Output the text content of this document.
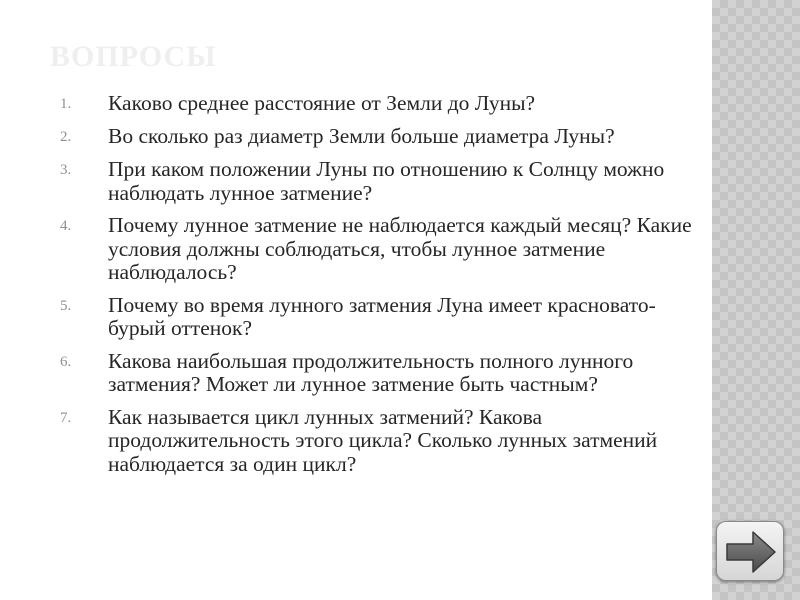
ВОПРОСЫ
1.	Каково среднее расстояние от Земли до Луны?
2.	Во сколько раз диаметр Земли больше диаметра Луны?
3.	При каком положении Луны по отношению к Солнцу можно наблюдать лунное затмение?
4.	Почему лунное затмение не наблюдается каждый месяц? Какие условия должны соблюдаться, чтобы лунное затмение наблюдалось?
5.	Почему во время лунного затмения Луна имеет красновато-бурый оттенок?
6.	Какова наибольшая продолжительность полного лунного затмения? Может ли лунное затмение быть частным?
7.	Как называется цикл лунных затмений? Какова продолжительность этого цикла? Сколько лунных затмений наблюдается за один цикл?
